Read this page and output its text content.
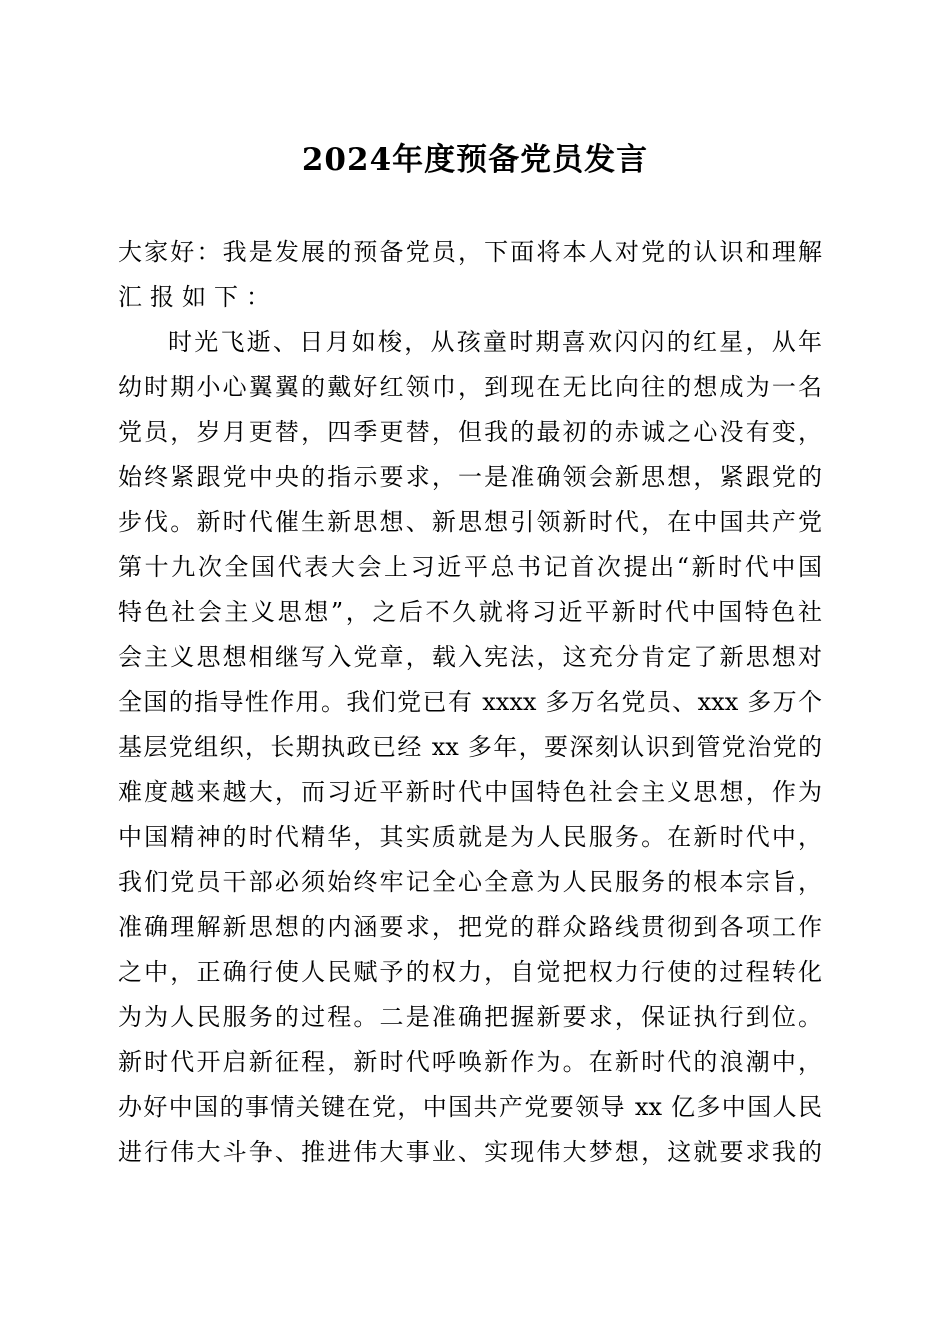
2024年度预备党员发言
大家好：我是发展的预备党员，下面将本人对党的认识和理解
汇报如下：
时光飞逝、日月如梭，从孩童时期喜欢闪闪的红星，从年
幼时期小心翼翼的戴好红领巾，到现在无比向往的想成为一名
党员，岁月更替，四季更替，但我的最初的赤诚之心没有变，
始终紧跟党中央的指示要求，一是准确领会新思想，紧跟党的
步伐。新时代催生新思想、新思想引领新时代，在中国共产党
第十九次全国代表大会上习近平总书记首次提出“新时代中国
特色社会主义思想”，之后不久就将习近平新时代中国特色社
会主义思想相继写入党章，载入宪法，这充分肯定了新思想对
全国的指导性作用。我们党已有 xxxx 多万名党员、xxx 多万个
基层党组织，长期执政已经 xx 多年，要深刻认识到管党治党的
难度越来越大，而习近平新时代中国特色社会主义思想，作为
中国精神的时代精华，其实质就是为人民服务。在新时代中，
我们党员干部必须始终牢记全心全意为人民服务的根本宗旨，
准确理解新思想的内涵要求，把党的群众路线贯彻到各项工作
之中，正确行使人民赋予的权力，自觉把权力行使的过程转化
为为人民服务的过程。二是准确把握新要求，保证执行到位。
新时代开启新征程，新时代呼唤新作为。在新时代的浪潮中，
办好中国的事情关键在党，中国共产党要领导 xx 亿多中国人民
进行伟大斗争、推进伟大事业、实现伟大梦想，这就要求我的
